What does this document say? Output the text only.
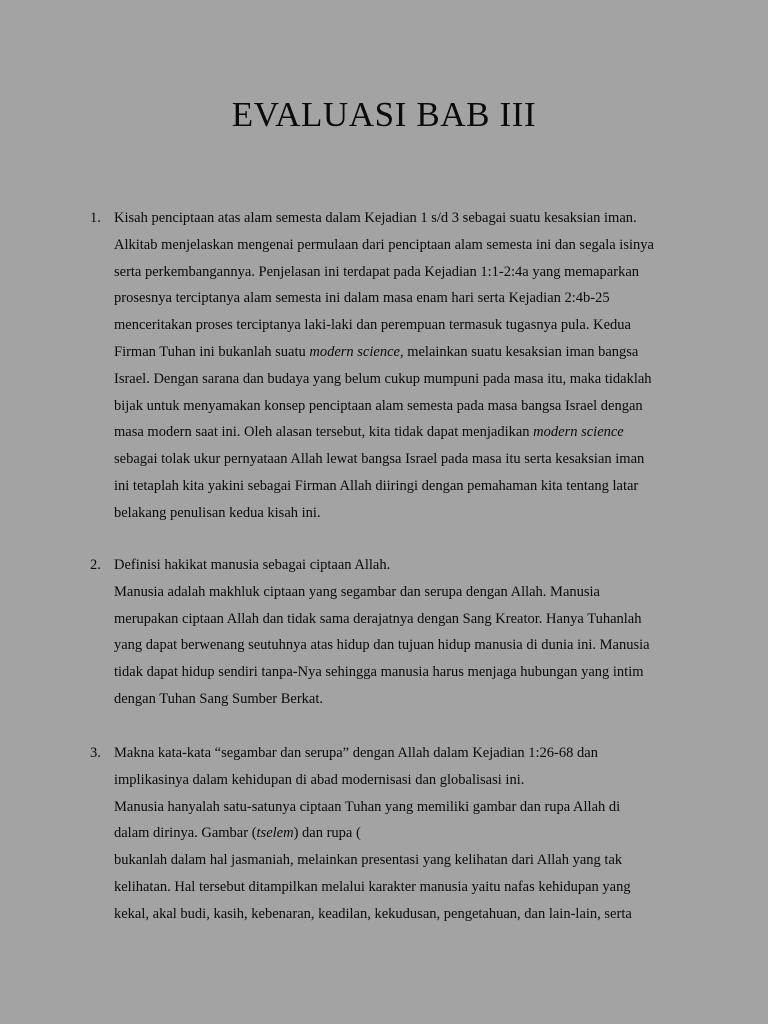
EVALUASI BAB III
1. Kisah penciptaan atas alam semesta dalam Kejadian 1 s/d 3 sebagai suatu kesaksian iman.
Alkitab menjelaskan mengenai permulaan dari penciptaan alam semesta ini dan segala isinya
serta perkembangannya. Penjelasan ini terdapat pada Kejadian 1:1-2:4a yang memaparkan
prosesnya terciptanya alam semesta ini dalam masa enam hari serta Kejadian 2:4b-25
menceritakan proses terciptanya laki-laki dan perempuan termasuk tugasnya pula. Kedua
Firman Tuhan ini bukanlah suatu modern science, melainkan suatu kesaksian iman bangsa
Israel. Dengan sarana dan budaya yang belum cukup mumpuni pada masa itu, maka tidaklah
bijak untuk menyamakan konsep penciptaan alam semesta pada masa bangsa Israel dengan
masa modern saat ini. Oleh alasan tersebut, kita tidak dapat menjadikan modern science
sebagai tolak ukur pernyataan Allah lewat bangsa Israel pada masa itu serta kesaksian iman
ini tetaplah kita yakini sebagai Firman Allah diiringi dengan pemahaman kita tentang latar
belakang penulisan kedua kisah ini.
2. Definisi hakikat manusia sebagai ciptaan Allah.
Manusia adalah makhluk ciptaan yang segambar dan serupa dengan Allah. Manusia
merupakan ciptaan Allah dan tidak sama derajatnya dengan Sang Kreator. Hanya Tuhanlah
yang dapat berwenang seutuhnya atas hidup dan tujuan hidup manusia di dunia ini. Manusia
tidak dapat hidup sendiri tanpa-Nya sehingga manusia harus menjaga hubungan yang intim
dengan Tuhan Sang Sumber Berkat.
3. Makna kata-kata “segambar dan serupa” dengan Allah dalam Kejadian 1:26-68 dan
implikasinya dalam kehidupan di abad modernisasi dan globalisasi ini.
Manusia hanyalah satu-satunya ciptaan Tuhan yang memiliki gambar dan rupa Allah di
dalam dirinya. Gambar (tselem) dan rupa (
bukanlah dalam hal jasmaniah, melainkan presentasi yang kelihatan dari Allah yang tak
kelihatan. Hal tersebut ditampilkan melalui karakter manusia yaitu nafas kehidupan yang
kekal, akal budi, kasih, kebenaran, keadilan, kekudusan, pengetahuan, dan lain-lain, serta
